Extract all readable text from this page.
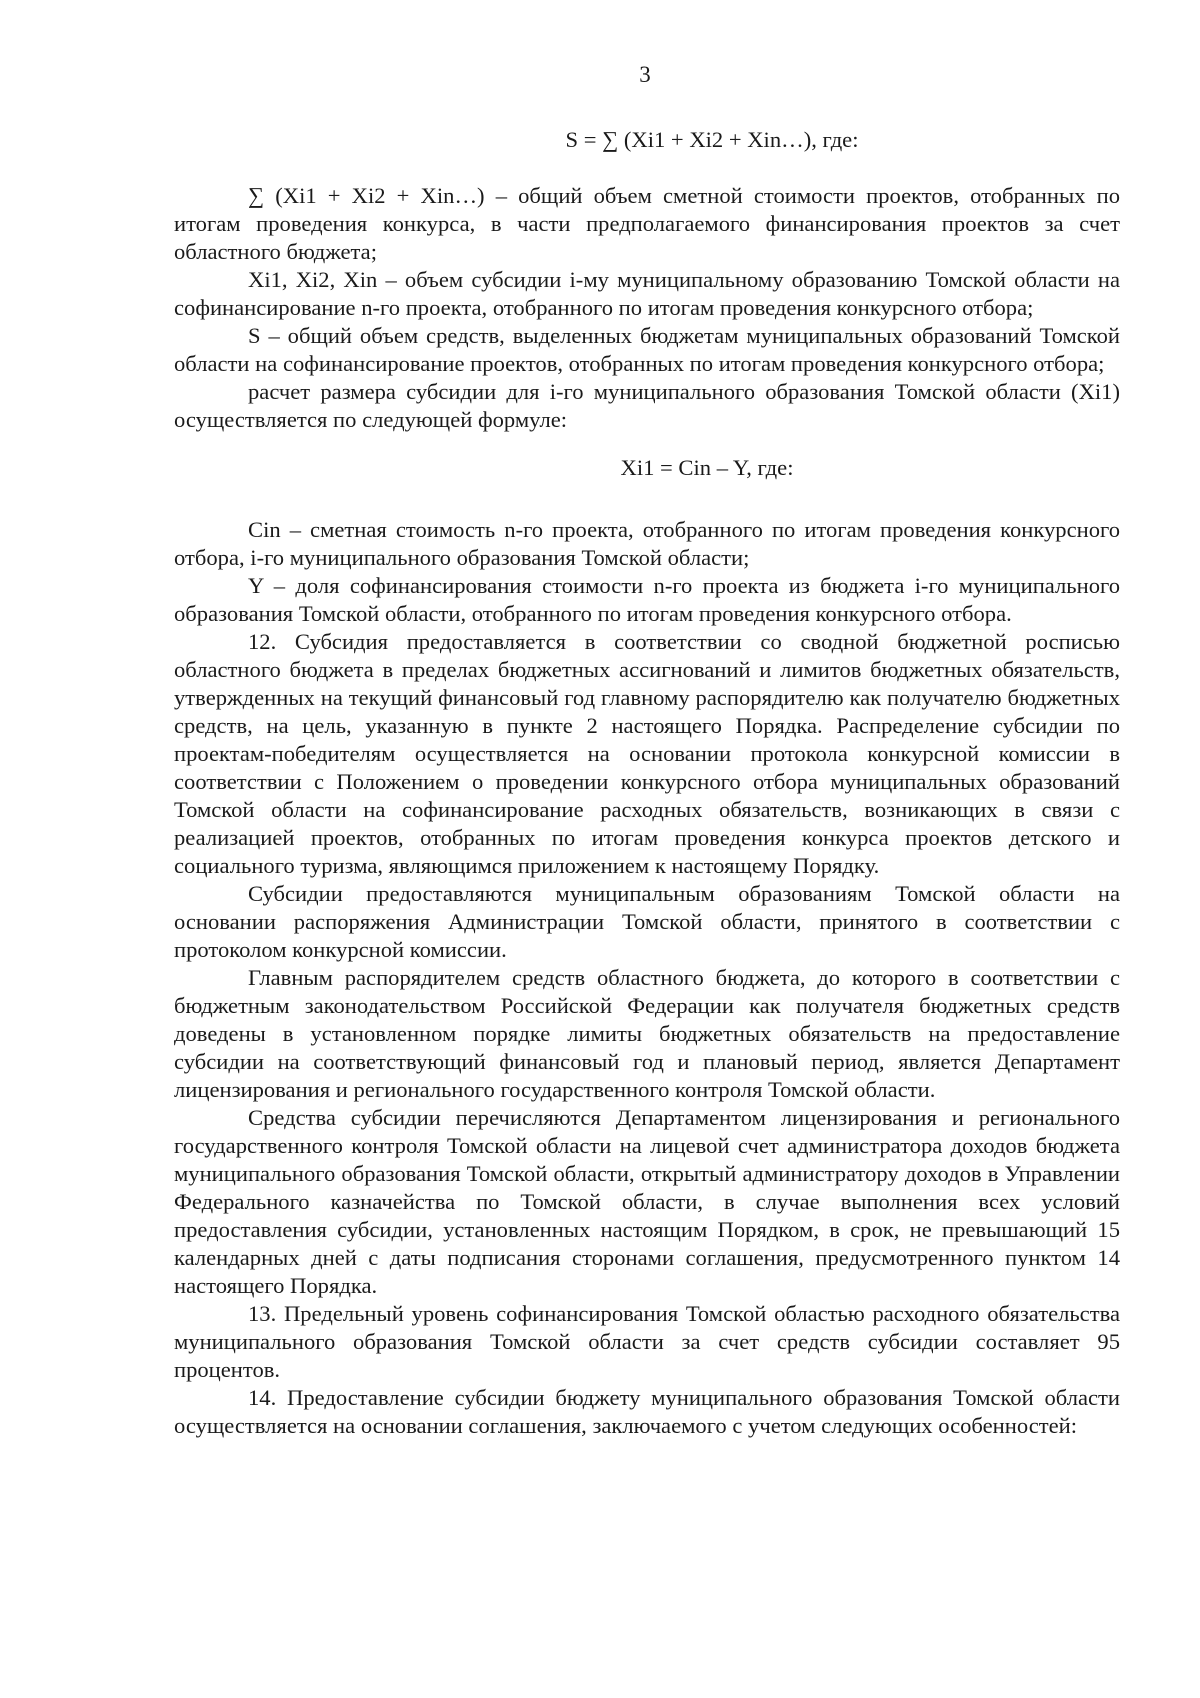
3

S = ∑ (Xi1 + Xi2 + Xin…), где:

∑ (Xi1 + Xi2 + Xin…) – общий объем сметной стоимости проектов, отобранных по итогам проведения конкурса, в части предполагаемого финансирования проектов за счет областного бюджета;

Xi1, Xi2, Xin – объем субсидии i-му муниципальному образованию Томской области на софинансирование n-го проекта, отобранного по итогам проведения конкурсного отбора;

S – общий объем средств, выделенных бюджетам муниципальных образований Томской области на софинансирование проектов, отобранных по итогам проведения конкурсного отбора;

расчет размера субсидии для i-го муниципального образования Томской области (Xi1) осуществляется по следующей формуле:

Xi1 = Cin – Y, где:

Cin – сметная стоимость n-го проекта, отобранного по итогам проведения конкурсного отбора, i-го муниципального образования Томской области;

Y – доля софинансирования стоимости n-го проекта из бюджета i-го муниципального образования Томской области, отобранного по итогам проведения конкурсного отбора.

12. Субсидия предоставляется в соответствии со сводной бюджетной росписью областного бюджета в пределах бюджетных ассигнований и лимитов бюджетных обязательств, утвержденных на текущий финансовый год главному распорядителю как получателю бюджетных средств, на цель, указанную в пункте 2 настоящего Порядка. Распределение субсидии по проектам-победителям осуществляется на основании протокола конкурсной комиссии в соответствии с Положением о проведении конкурсного отбора муниципальных образований Томской области на софинансирование расходных обязательств, возникающих в связи с реализацией проектов, отобранных по итогам проведения конкурса проектов детского и социального туризма, являющимся приложением к настоящему Порядку.

Субсидии предоставляются муниципальным образованиям Томской области на основании распоряжения Администрации Томской области, принятого в соответствии с протоколом конкурсной комиссии.

Главным распорядителем средств областного бюджета, до которого в соответствии с бюджетным законодательством Российской Федерации как получателя бюджетных средств доведены в установленном порядке лимиты бюджетных обязательств на предоставление субсидии на соответствующий финансовый год и плановый период, является Департамент лицензирования и регионального государственного контроля Томской области.

Средства субсидии перечисляются Департаментом лицензирования и регионального государственного контроля Томской области на лицевой счет администратора доходов бюджета муниципального образования Томской области, открытый администратору доходов в Управлении Федерального казначейства по Томской области, в случае выполнения всех условий предоставления субсидии, установленных настоящим Порядком, в срок, не превышающий 15 календарных дней с даты подписания сторонами соглашения, предусмотренного пунктом 14 настоящего Порядка.

13. Предельный уровень софинансирования Томской областью расходного обязательства муниципального образования Томской области за счет средств субсидии составляет 95 процентов.

14. Предоставление субсидии бюджету муниципального образования Томской области осуществляется на основании соглашения, заключаемого с учетом следующих особенностей:
